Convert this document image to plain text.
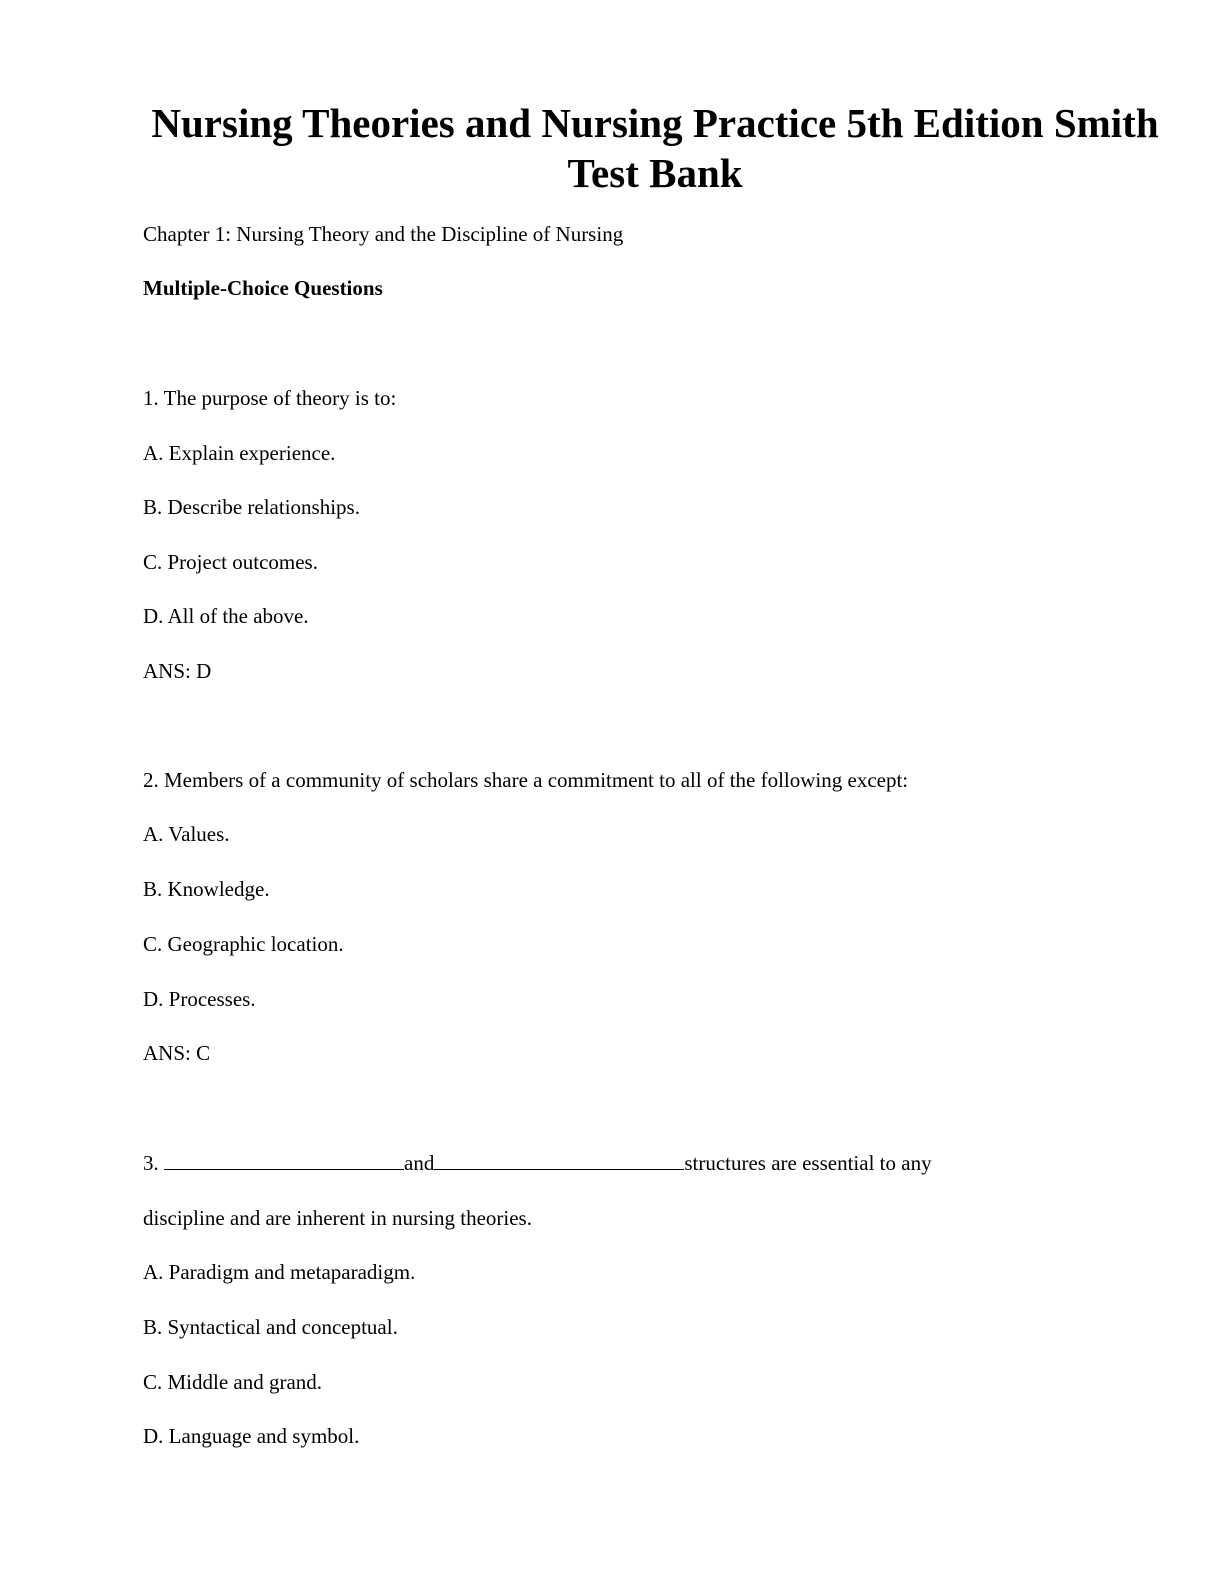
Nursing Theories and Nursing Practice 5th Edition Smith
Test Bank

Chapter 1: Nursing Theory and the Discipline of Nursing

Multiple-Choice Questions

1. The purpose of theory is to:

A. Explain experience.

B. Describe relationships.

C. Project outcomes.

D. All of the above.

ANS: D

2. Members of a community of scholars share a commitment to all of the following except:

A. Values.

B. Knowledge.

C. Geographic location.

D. Processes.

ANS: C

3.	and	structures are essential to any

discipline and are inherent in nursing theories.

A. Paradigm and metaparadigm.

B. Syntactical and conceptual.

C. Middle and grand.

D. Language and symbol.
